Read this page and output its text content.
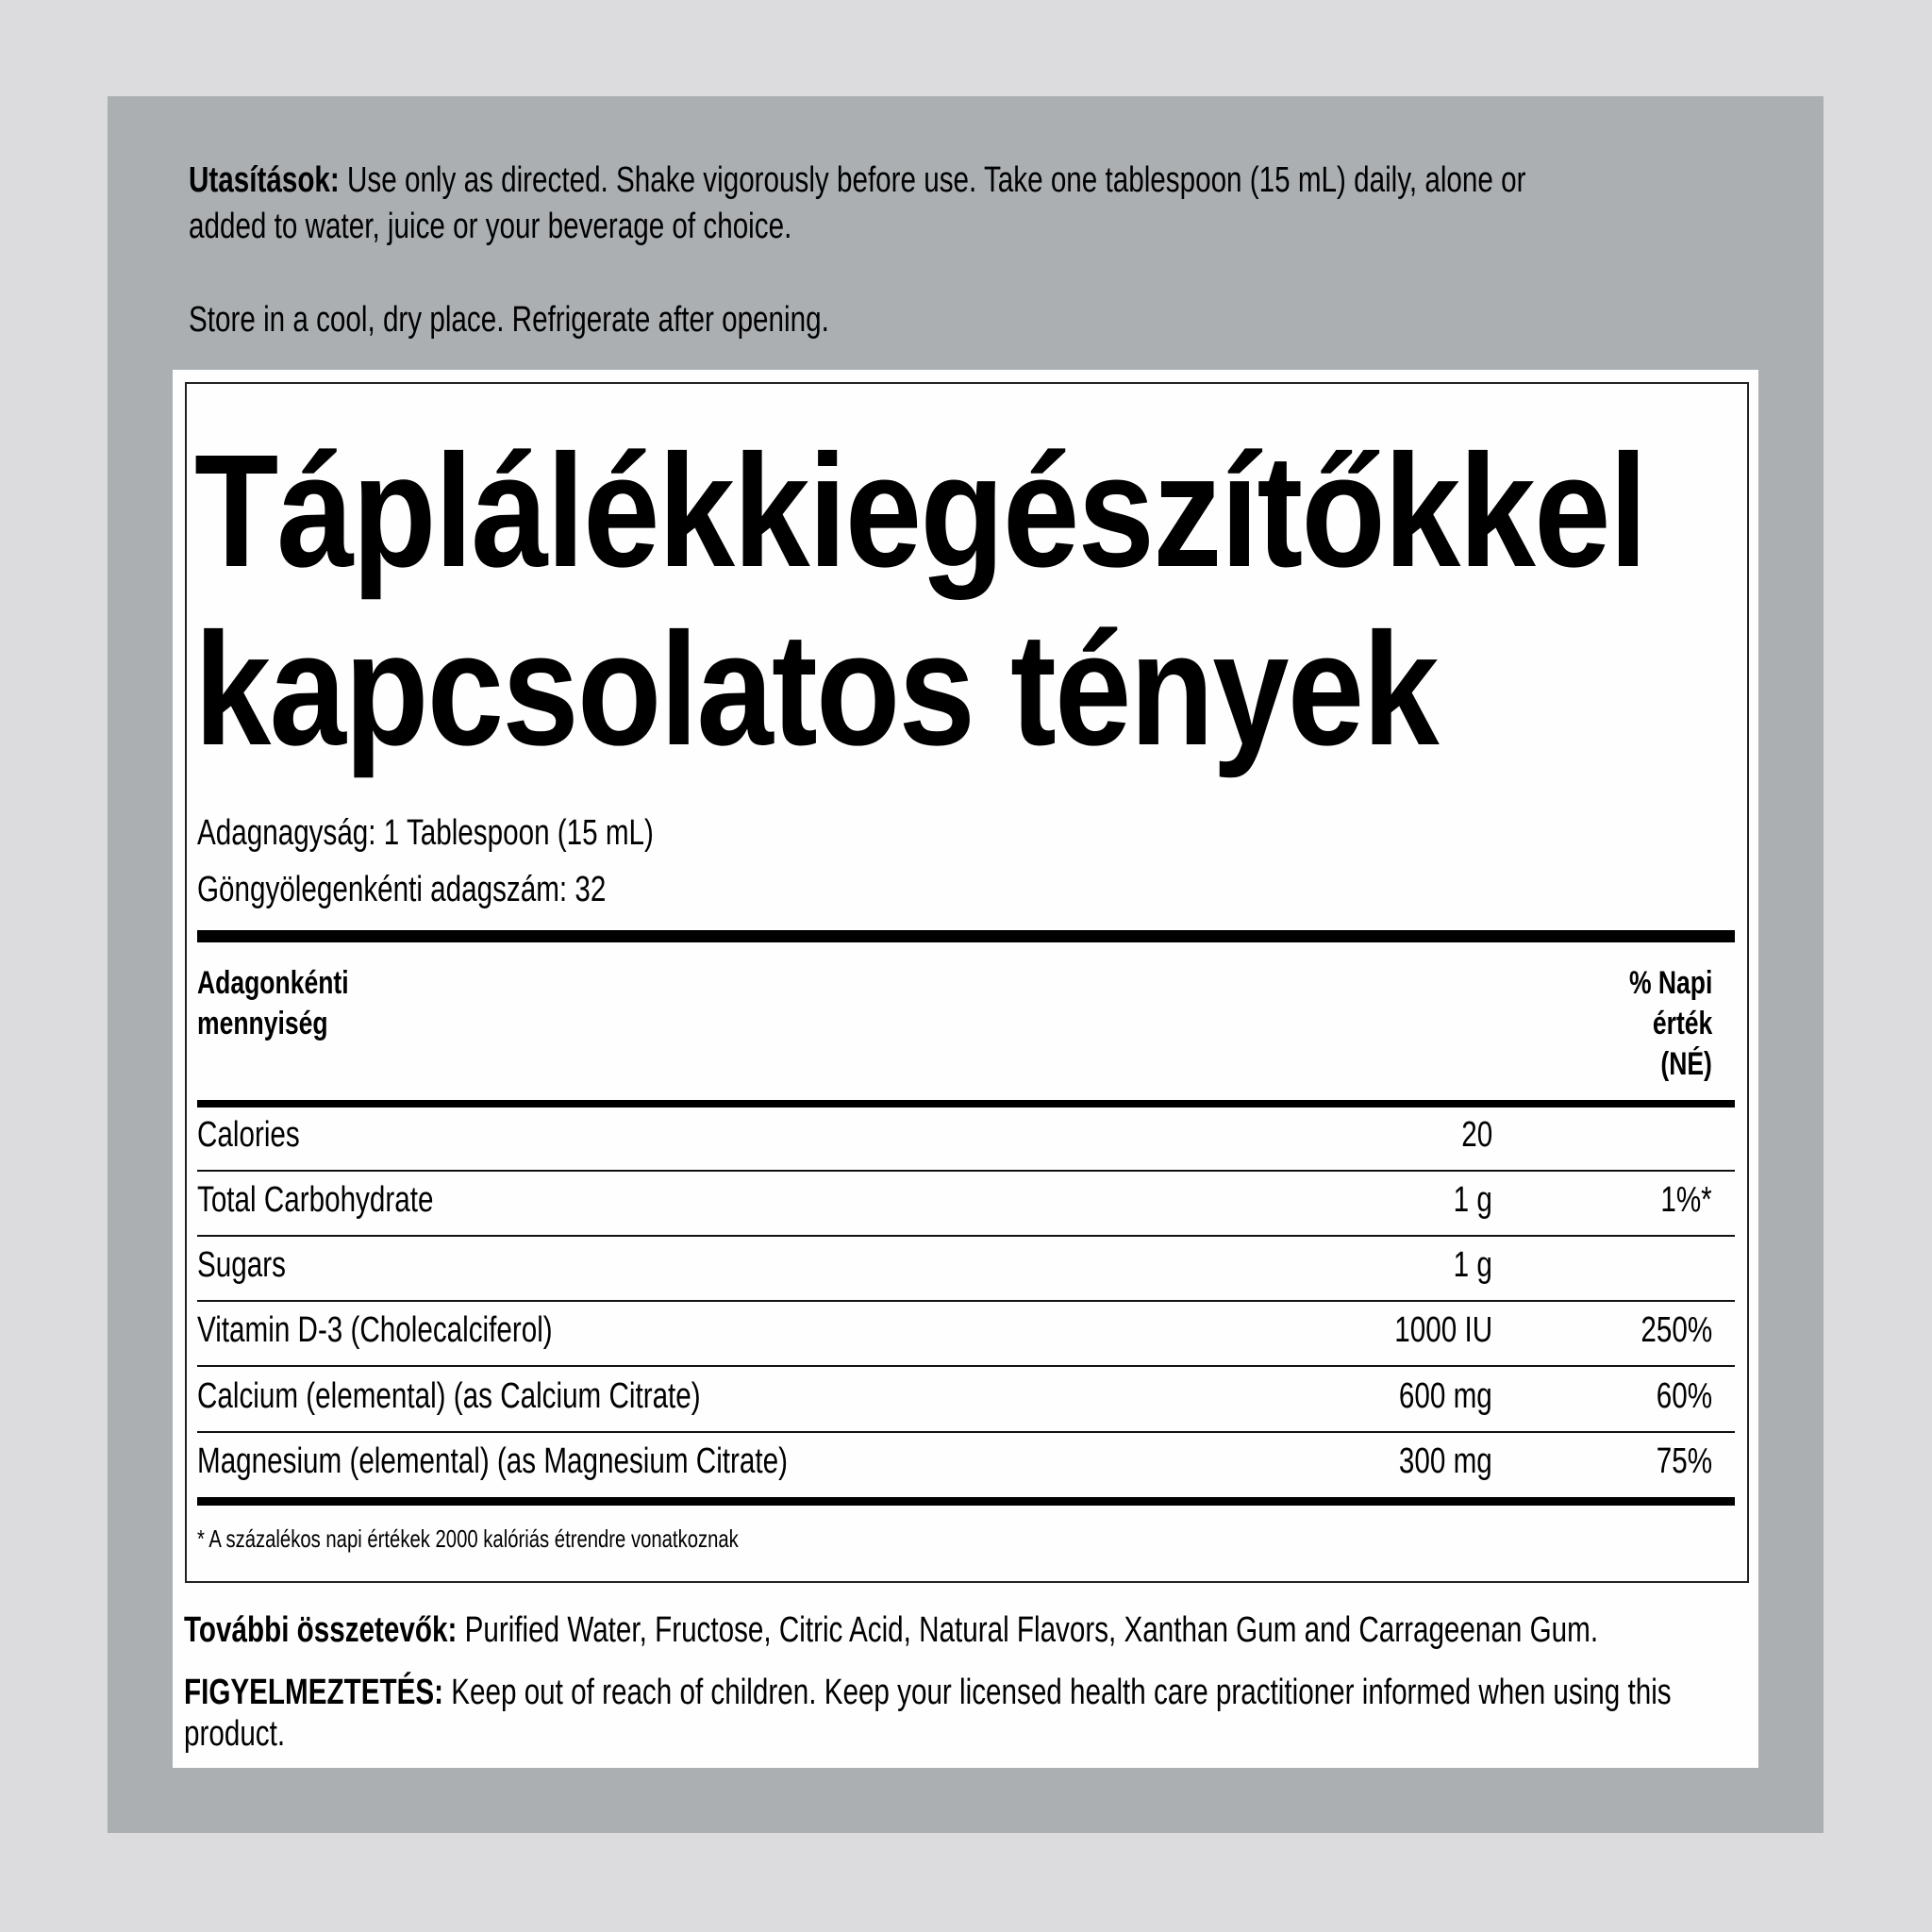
Utasítások: Use only as directed. Shake vigorously before use. Take one tablespoon (15 mL) daily, alone or
added to water, juice or your beverage of choice.
Store in a cool, dry place. Refrigerate after opening.
Táplálékkiegészítőkkel
kapcsolatos tények
Adagnagyság: 1 Tablespoon (15 mL)
Göngyölegenkénti adagszám: 32
Adagonkénti
mennyiség
% Napi
érték
(NÉ)
Calories	20
Total Carbohydrate	1 g	1%*
Sugars	1 g
Vitamin D-3 (Cholecalciferol)	1000 IU	250%
Calcium (elemental) (as Calcium Citrate)	600 mg	60%
Magnesium (elemental) (as Magnesium Citrate)	300 mg	75%
* A százalékos napi értékek 2000 kalóriás étrendre vonatkoznak
További összetevők: Purified Water, Fructose, Citric Acid, Natural Flavors, Xanthan Gum and Carrageenan Gum.
FIGYELMEZTETÉS: Keep out of reach of children. Keep your licensed health care practitioner informed when using this
product.
